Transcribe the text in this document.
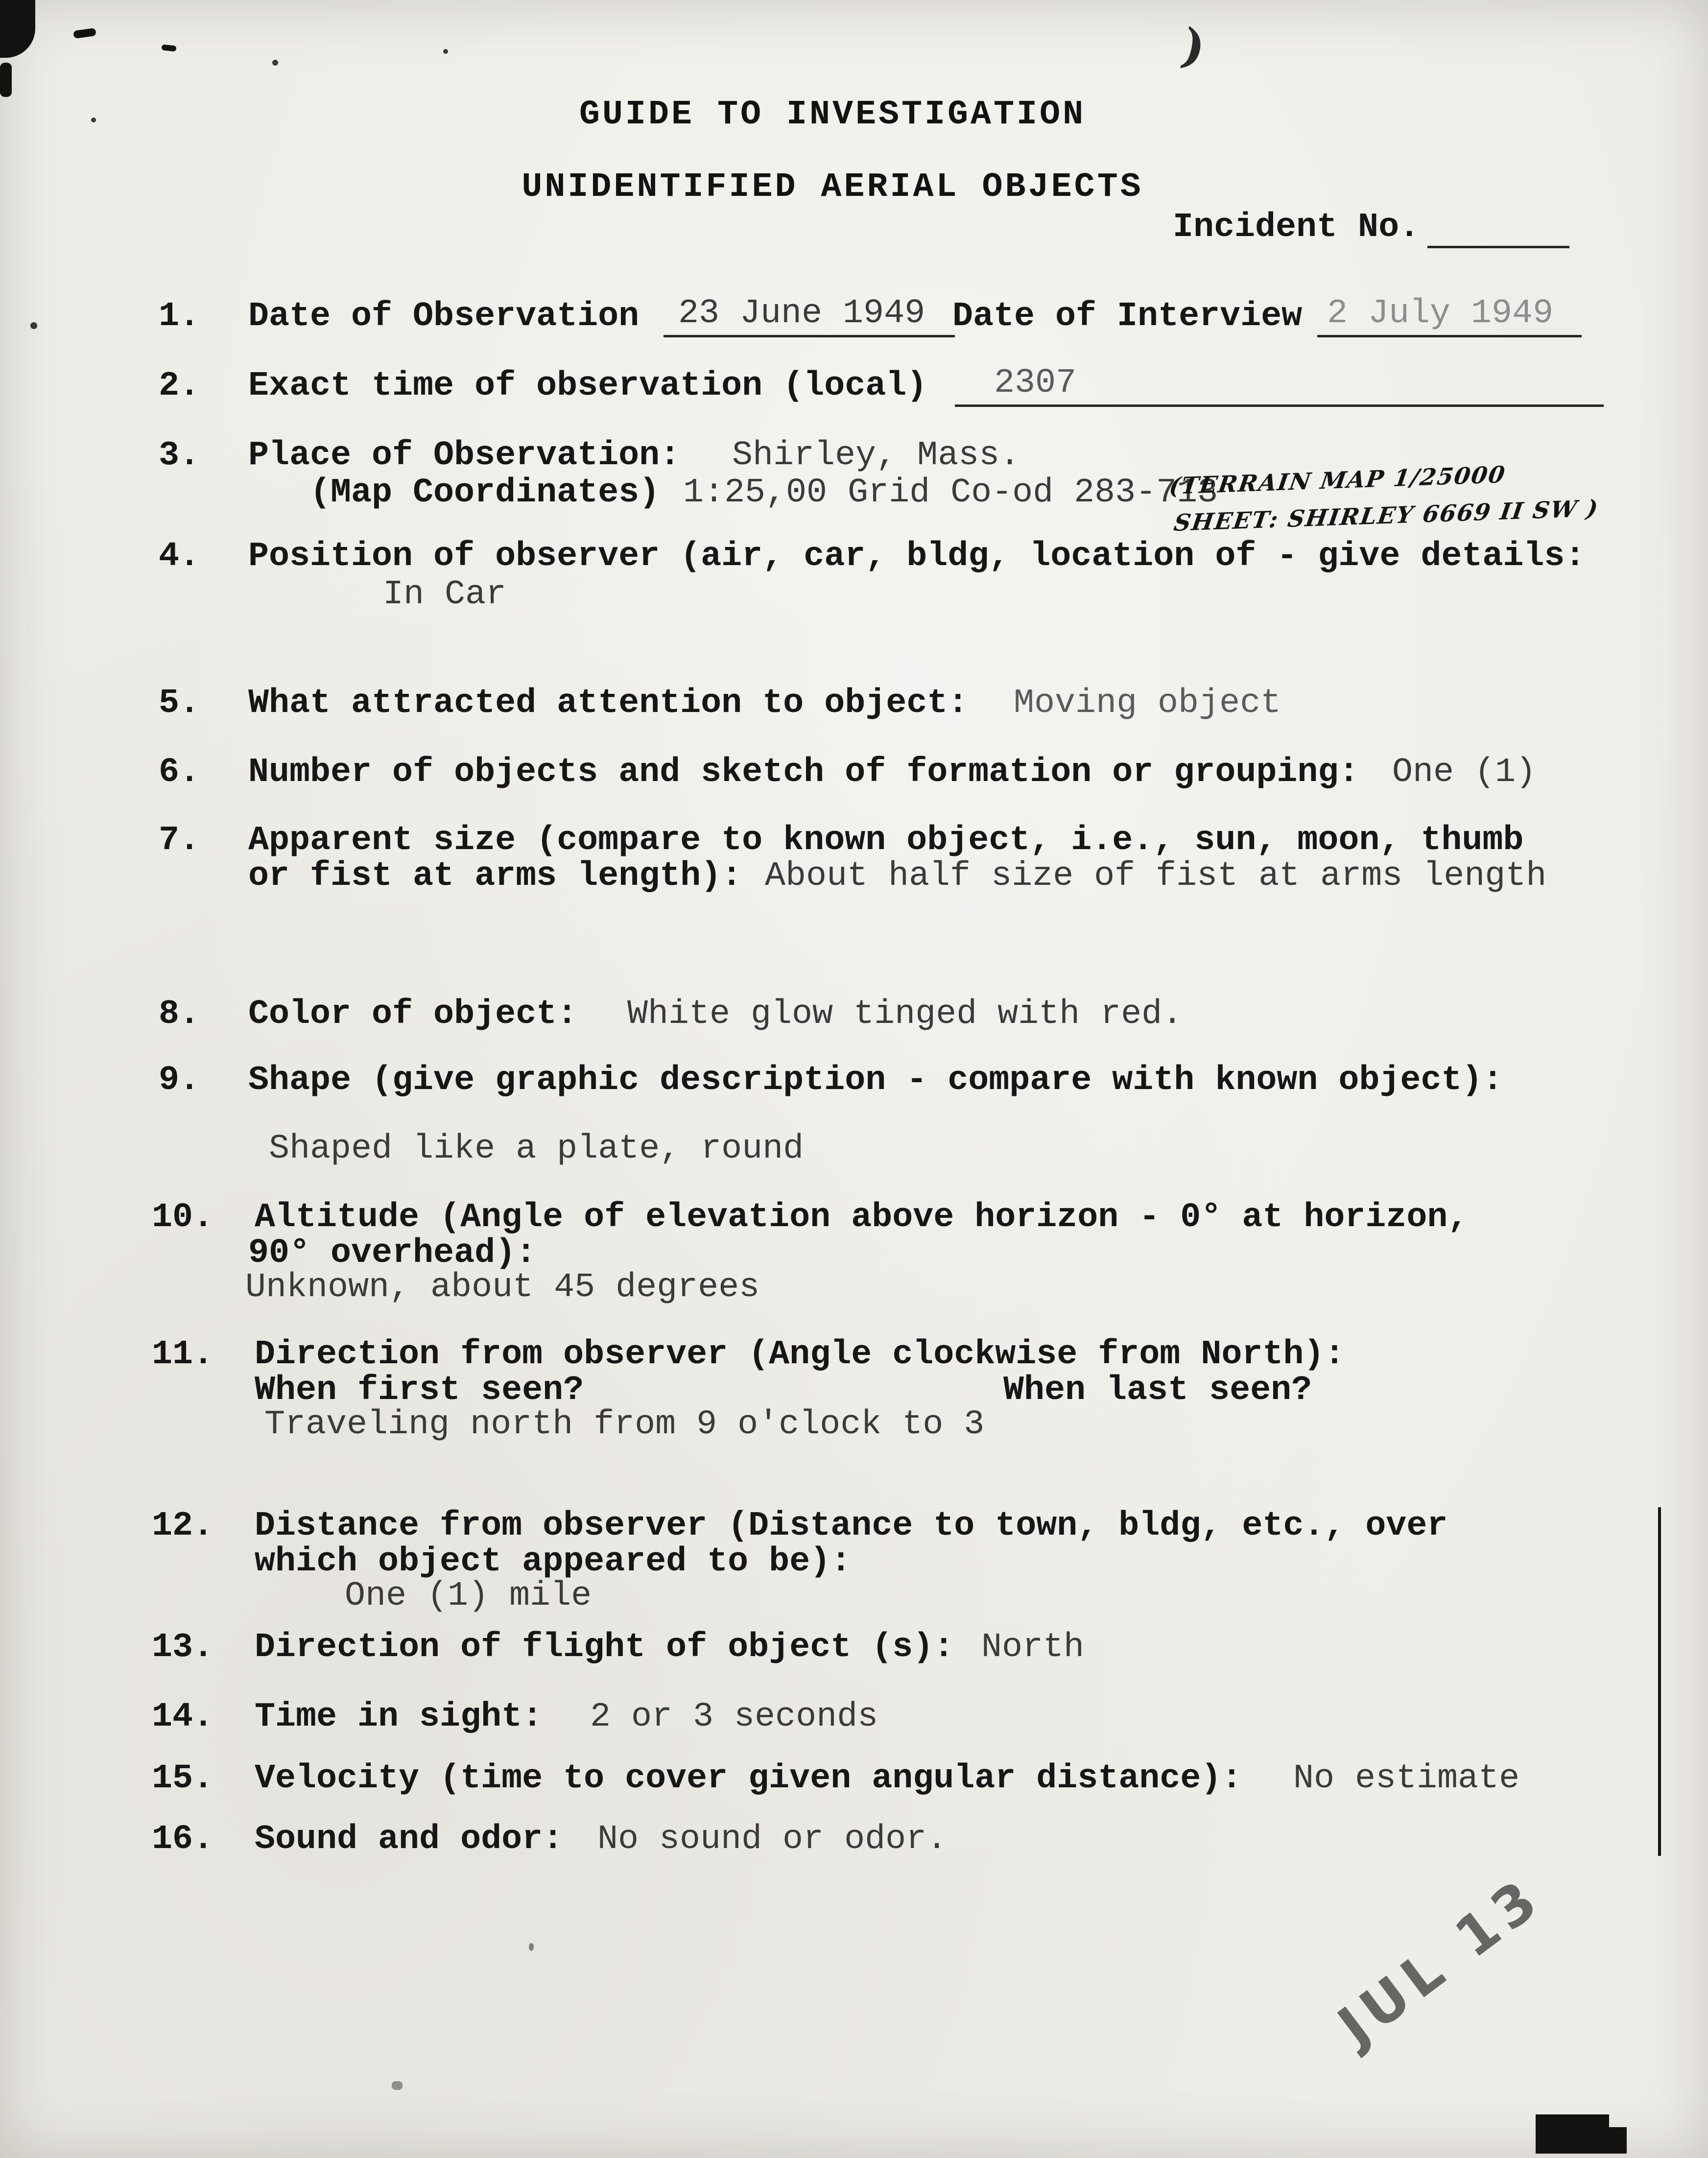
GUIDE TO INVESTIGATION
UNIDENTIFIED AERIAL OBJECTS
)
Incident No.
1. Date of Observation	23 June 1949 Date of Interview 2 July 1949
2. Exact time of observation (local)	2307
3. Place of Observation: Shirley, Mass.
(Map Coordinates) 1:25,00 Grid Co-od 283-713
(TERRAIN MAP 1/25000
SHEET: SHIRLEY 6669 II SW )
4. Position of observer (air, car, bldg, location of - give details:
In Car
5. What attracted attention to object: Moving object
6. Number of objects and sketch of formation or grouping: One (1)
7. Apparent size (compare to known object, i.e., sun, moon, thumb
or fist at arms length): About half size of fist at arms length
8. Color of object: White glow tinged with red.
9. Shape (give graphic description - compare with known object):
Shaped like a plate, round
10. Altitude (Angle of elevation above horizon - 0° at horizon,
90° overhead):
Unknown, about 45 degrees
11. Direction from observer (Angle clockwise from North):
When first seen?	When last seen?
Traveling north from 9 o'clock to 3
12. Distance from observer (Distance to town, bldg, etc., over
which object appeared to be):
One (1) mile
13. Direction of flight of object (s): North
14. Time in sight: 2 or 3 seconds
15. Velocity (time to cover given angular distance): No estimate
16. Sound and odor: No sound or odor.
JUL 13
